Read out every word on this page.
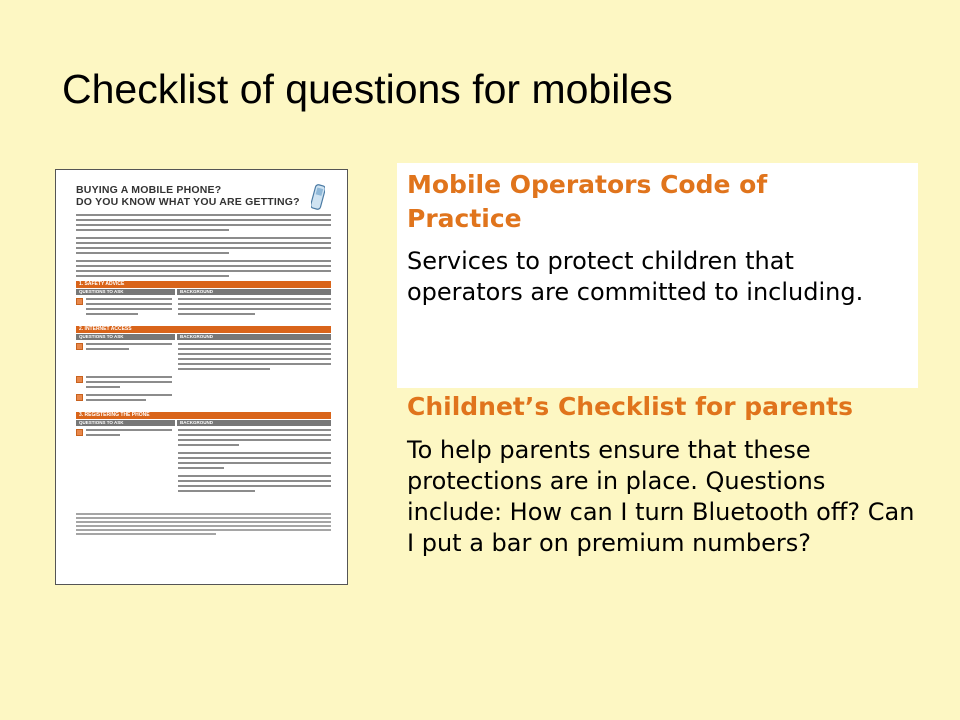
Checklist of questions for mobiles
BUYING A MOBILE PHONE?
DO YOU KNOW WHAT YOU ARE GETTING?
1. SAFETY ADVICE
QUESTIONS TO ASK	BACKGROUND
2. INTERNET ACCESS
QUESTIONS TO ASK	BACKGROUND
3. REGISTERING THE PHONE
QUESTIONS TO ASK	BACKGROUND
Mobile Operators Code of Practice
Services to protect children that operators are committed to including.
Childnet’s Checklist for parents
To help parents ensure that these protections are in place. Questions include: How can I turn Bluetooth off? Can I put a bar on premium numbers?
